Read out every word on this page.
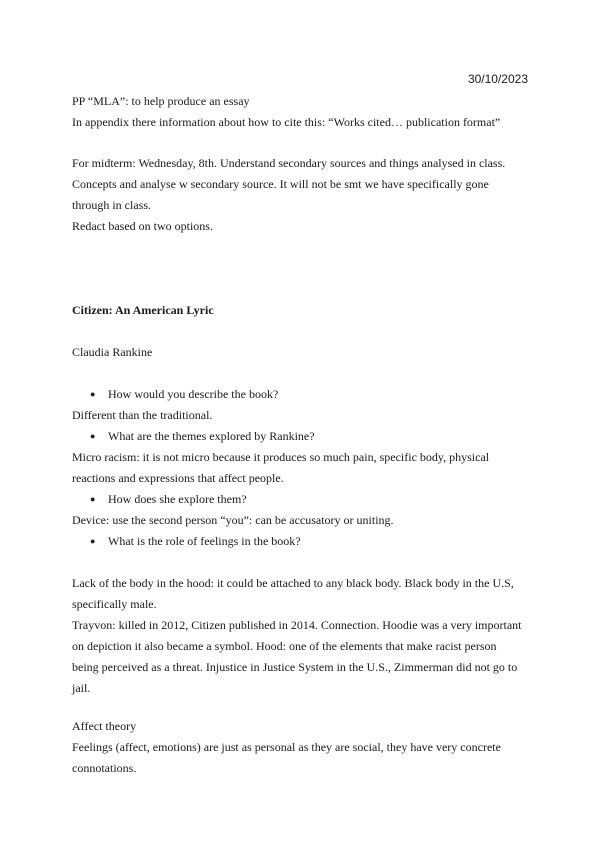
30/10/2023

PP “MLA”: to help produce an essay

In appendix there information about how to cite this: “Works cited… publication format”

For midterm: Wednesday, 8th. Understand secondary sources and things analysed in class.

Concepts and analyse w secondary source. It will not be smt we have specifically gone

through in class.

Redact based on two options.

Citizen: An American Lyric
Claudia Rankine

● How would you describe the book?

Different than the traditional.

● What are the themes explored by Rankine?

Micro racism: it is not micro because it produces so much pain, specific body, physical

reactions and expressions that affect people.

● How does she explore them?

Device: use the second person “you”: can be accusatory or uniting.

● What is the role of feelings in the book?

Lack of the body in the hood: it could be attached to any black body. Black body in the U.S,

specifically male.

Trayvon: killed in 2012, Citizen published in 2014. Connection. Hoodie was a very important

on depiction it also became a symbol. Hood: one of the elements that make racist person

being perceived as a threat. Injustice in Justice System in the U.S., Zimmerman did not go to

jail.

Affect theory

Feelings (affect, emotions) are just as personal as they are social, they have very concrete

connotations.
